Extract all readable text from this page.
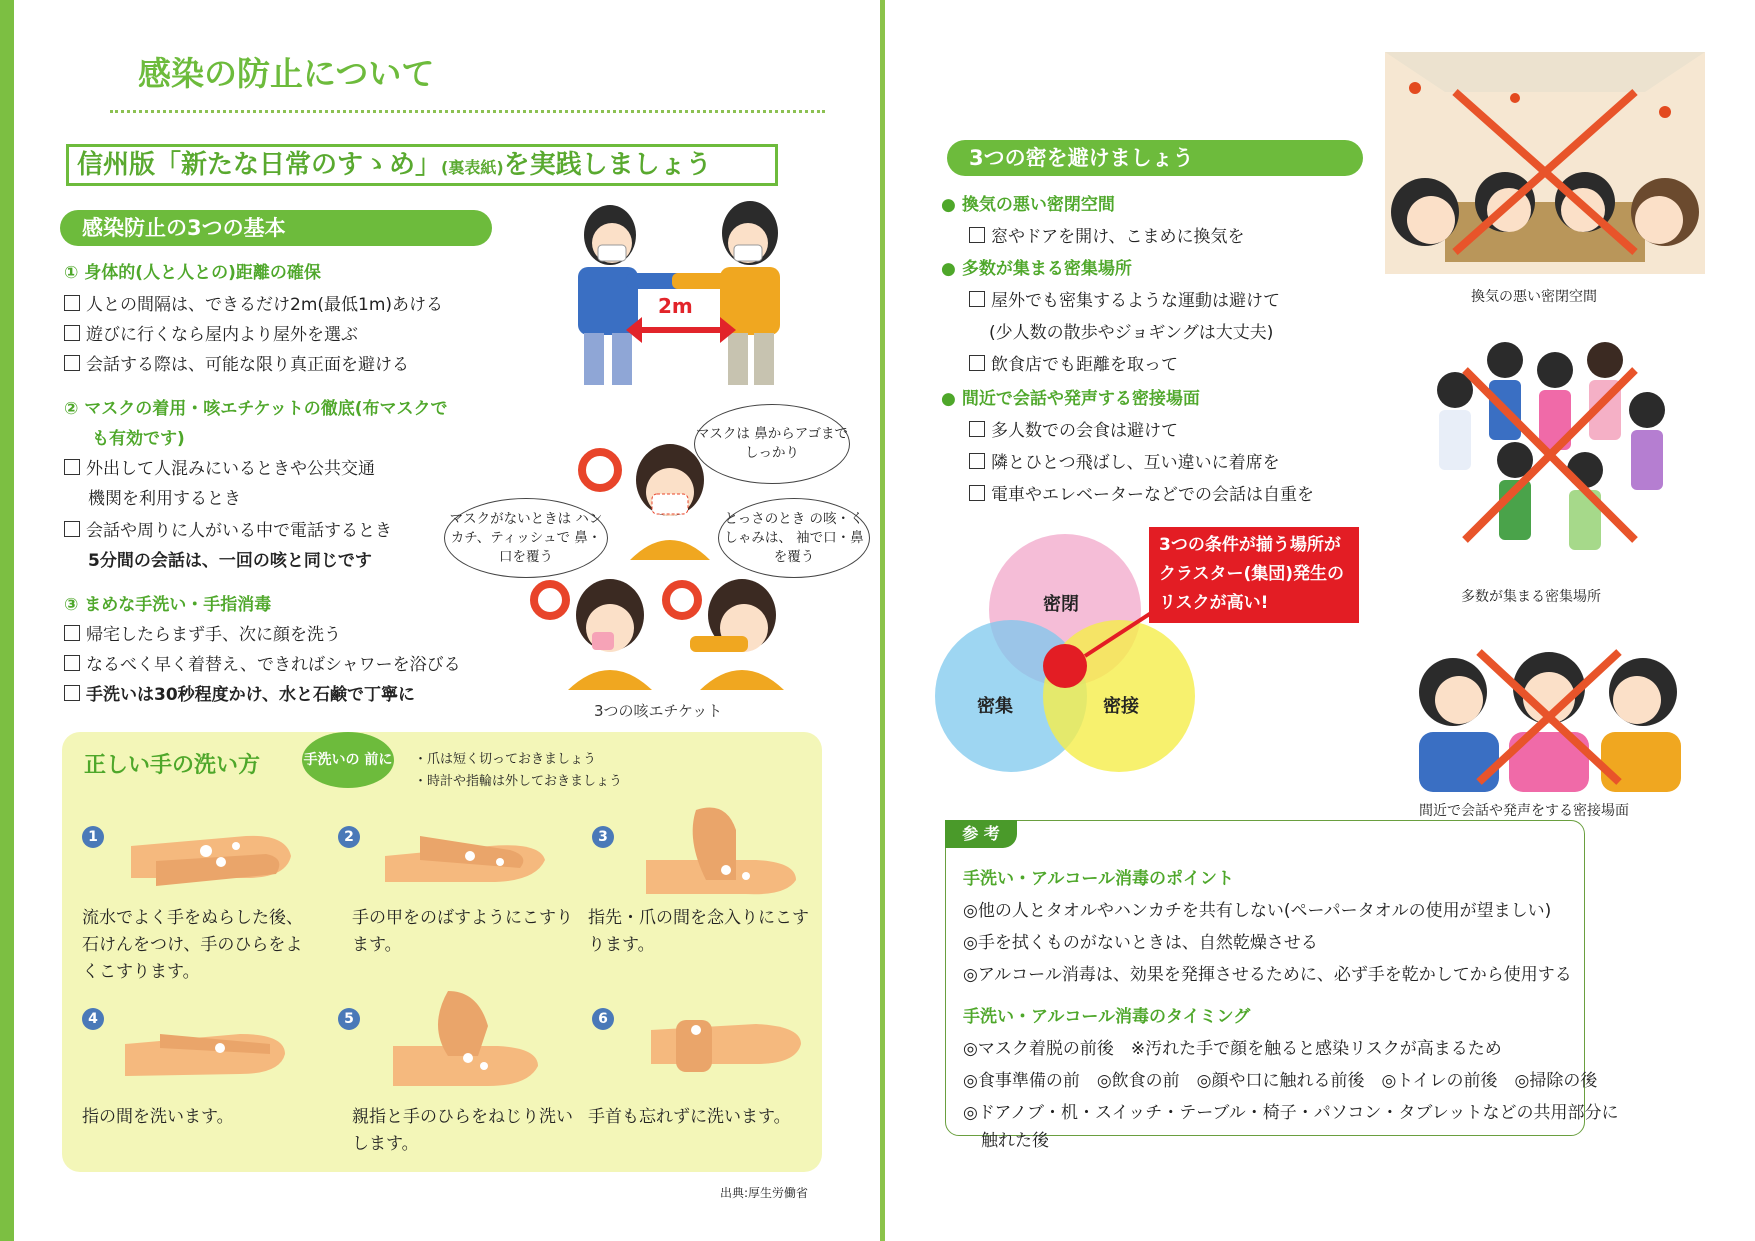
感染の防止について
信州版「新たな日常のすゝめ」(裏表紙)を実践しましょう
感染防止の3つの基本
① 身体的(人と人との)距離の確保
人との間隔は、できるだけ2m(最低1m)あける
遊びに行くなら屋内より屋外を選ぶ
会話する際は、可能な限り真正面を避ける
2m
② マスクの着用・咳エチケットの徹底(布マスクで
も有効です)
外出して人混みにいるときや公共交通
機関を利用するとき
会話や周りに人がいる中で電話するとき
5分間の会話は、一回の咳と同じです
マスクは 鼻からアゴまで しっかり
マスクがないときは ハンカチ、ティッシュで 鼻・口を覆う
とっさのとき の咳・くしゃみは、 袖で口・鼻を覆う
③ まめな手洗い・手指消毒
帰宅したらまず手、次に顔を洗う
なるべく早く着替え、できればシャワーを浴びる
手洗いは30秒程度かけ、水と石鹸で丁寧に
3つの咳エチケット
正しい手の洗い方	手洗いの 前に ・爪は短く切っておきましょう
・時計や指輪は外しておきましょう
1
流水でよく手をぬらした後、石けんをつけ、手のひらをよくこすります。
2
手の甲をのばすようにこすります。
3
指先・爪の間を念入りにこすります。
4
指の間を洗います。
5
親指と手のひらをねじり洗いします。
6
手首も忘れずに洗います。
出典:厚生労働省
3つの密を避けましょう
● 換気の悪い密閉空間
窓やドアを開け、こまめに換気を
● 多数が集まる密集場所
屋外でも密集するような運動は避けて
(少人数の散歩やジョギングは大丈夫)
飲食店でも距離を取って
● 間近で会話や発声する密接場面
多人数での会食は避けて
隣とひとつ飛ばし、互い違いに着席を
電車やエレベーターなどでの会話は自重を
密閉
密集	密接
3つの条件が揃う場所がクラスター(集団)発生のリスクが高い!
換気の悪い密閉空間
多数が集まる密集場所
間近で会話や発声をする密接場面
参 考
手洗い・アルコール消毒のポイント
◎他の人とタオルやハンカチを共有しない(ペーパータオルの使用が望ましい)
◎手を拭くものがないときは、自然乾燥させる
◎アルコール消毒は、効果を発揮させるために、必ず手を乾かしてから使用する
手洗い・アルコール消毒のタイミング
◎マスク着脱の前後　※汚れた手で顔を触ると感染リスクが高まるため
◎食事準備の前　◎飲食の前　◎顔や口に触れる前後　◎トイレの前後　◎掃除の後
◎ドアノブ・机・スイッチ・テーブル・椅子・パソコン・タブレットなどの共用部分に
触れた後
